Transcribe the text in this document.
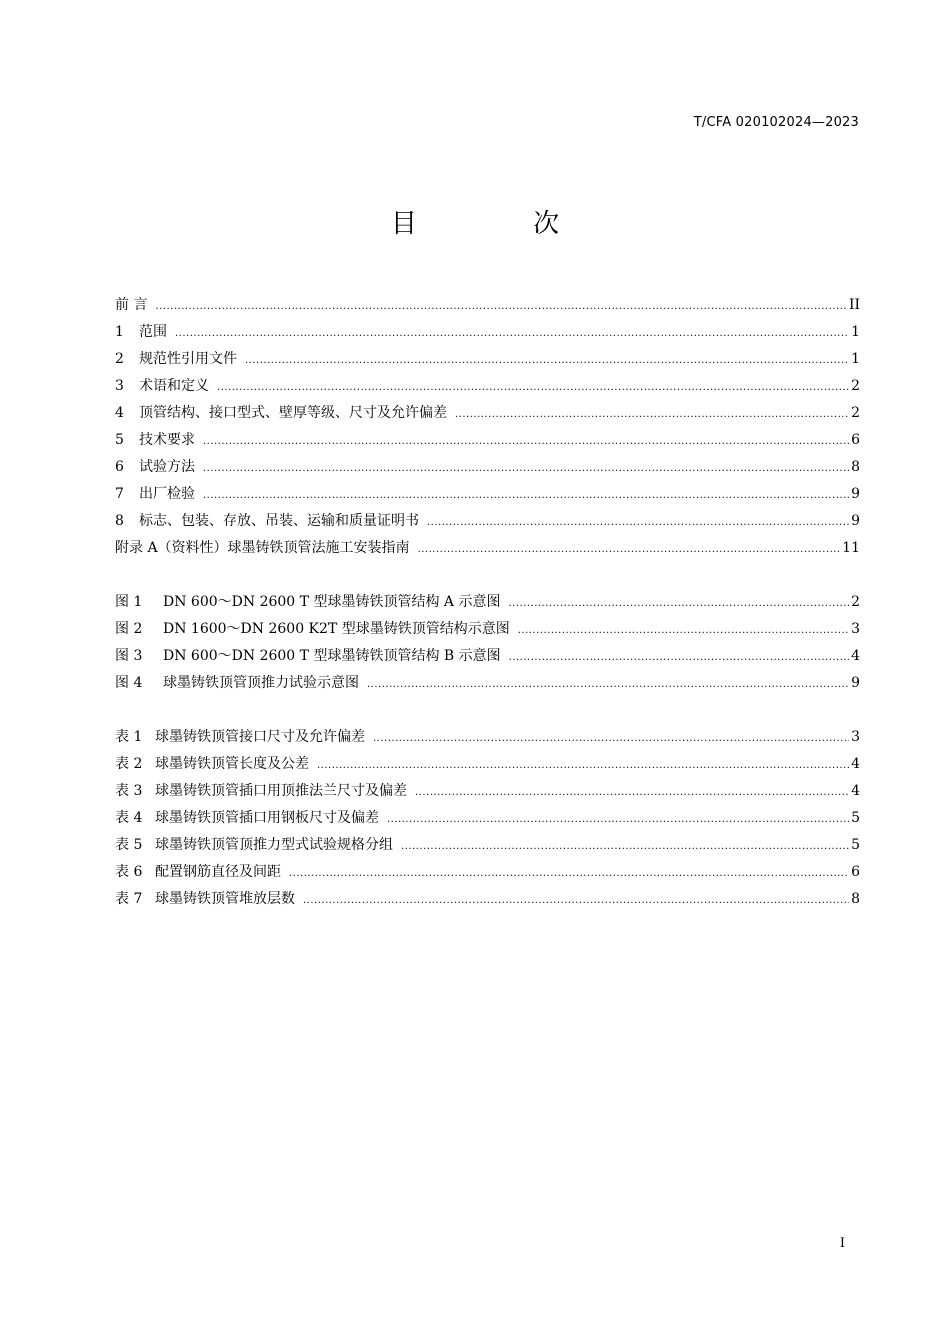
T/CFA 020102024—2023
目 次
前 言 .....	II
1 范围 .....	1
2 规范性引用文件 .....	1
3 术语和定义 .....	2
4 顶管结构、接口型式、壁厚等级、尺寸及允许偏差 .....	2
5 技术要求 .....	6
6 试验方法 .....	8
7 出厂检验 .....	9
8 标志、包装、存放、吊装、运输和质量证明书 .....	9
附录 A（资料性）球墨铸铁顶管法施工安装指南 .....	11
图 1 DN 600～DN 2600 T 型球墨铸铁顶管结构 A 示意图 .....	2
图 2 DN 1600～DN 2600 K2T 型球墨铸铁顶管结构示意图 .....	3
图 3 DN 600～DN 2600 T 型球墨铸铁顶管结构 B 示意图 .....	4
图 4 球墨铸铁顶管顶推力试验示意图 .....	9
表 1 球墨铸铁顶管接口尺寸及允许偏差 .....	3
表 2 球墨铸铁顶管长度及公差 .....	4
表 3 球墨铸铁顶管插口用顶推法兰尺寸及偏差 .....	4
表 4 球墨铸铁顶管插口用钢板尺寸及偏差 .....	5
表 5 球墨铸铁顶管顶推力型式试验规格分组 .....	5
表 6 配置钢筋直径及间距 .....	6
表 7 球墨铸铁顶管堆放层数 .....	8
I
